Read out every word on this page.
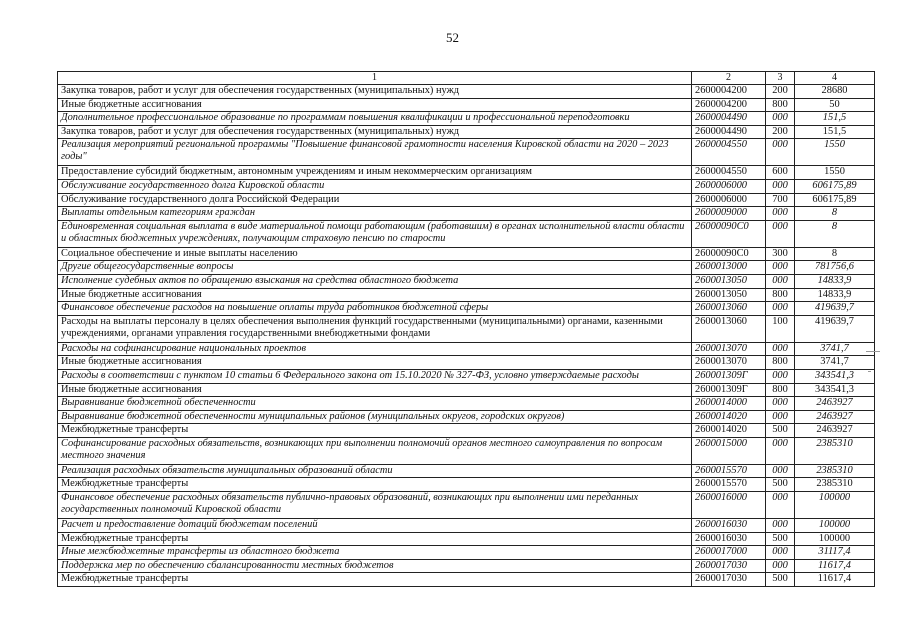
52
1	2	3	4
Закупка товаров, работ и услуг для обеспечения государственных (муниципальных) нужд	2600004200	200	28680
Иные бюджетные ассигнования	2600004200	800	50
Дополнительное профессиональное образование по программам повышения квалификации и профессиональной переподготовки	2600004490	000	151,5
Закупка товаров, работ и услуг для обеспечения государственных (муниципальных) нужд	2600004490	200	151,5
Реализация мероприятий региональной программы "Повышение финансовой грамотности населения Кировской области на 2020 – 2023 годы"	2600004550	000	1550
Предоставление субсидий бюджетным, автономным учреждениям и иным некоммерческим организациям	2600004550	600	1550
Обслуживание государственного долга Кировской области	2600006000	000	606175,89
Обслуживание государственного долга Российской Федерации	2600006000	700	606175,89
Выплаты отдельным категориям граждан	2600009000	000	8
Единовременная социальная выплата в виде материальной помощи работающим (работавшим) в органах исполнительной власти области и областных бюджетных учреждениях, получающим страховую пенсию по старости	26000090С0	000	8
Социальное обеспечение и иные выплаты населению	26000090С0	300	8
Другие общегосударственные вопросы	2600013000	000	781756,6
Исполнение судебных актов по обращению взыскания на средства областного бюджета	2600013050	000	14833,9
Иные бюджетные ассигнования	2600013050	800	14833,9
Финансовое обеспечение расходов на повышение оплаты труда работников бюджетной сферы	2600013060	000	419639,7
Расходы на выплаты персоналу в целях обеспечения выполнения функций государственными (муниципальными) органами, казенными учреждениями, органами управления государственными внебюджетными фондами	2600013060	100	419639,7
Расходы на софинансирование национальных проектов	2600013070	000	3741,7
Иные бюджетные ассигнования	2600013070	800	3741,7
Расходы в соответствии с пунктом 10 статьи 6 Федерального закона от 15.10.2020 № 327-ФЗ, условно утверждаемые расходы	260001309Г	000	343541,3
Иные бюджетные ассигнования	260001309Г	800	343541,3
Выравнивание бюджетной обеспеченности	2600014000	000	2463927
Выравнивание бюджетной обеспеченности муниципальных районов (муниципальных округов, городских округов)	2600014020	000	2463927
Межбюджетные трансферты	2600014020	500	2463927
Софинансирование расходных обязательств, возникающих при выполнении полномочий органов местного самоуправления по вопросам местного значения	2600015000	000	2385310
Реализация расходных обязательств муниципальных образований области	2600015570	000	2385310
Межбюджетные трансферты	2600015570	500	2385310
Финансовое обеспечение расходных обязательств публично-правовых образований, возникающих при выполнении ими переданных государственных полномочий Кировской области	2600016000	000	100000
Расчет и предоставление дотаций бюджетам поселений	2600016030	000	100000
Межбюджетные трансферты	2600016030	500	100000
Иные межбюджетные трансферты из областного бюджета	2600017000	000	31117,4
Поддержка мер по обеспечению сбалансированности местных бюджетов	2600017030	000	11617,4
Межбюджетные трансферты	2600017030	500	11617,4
